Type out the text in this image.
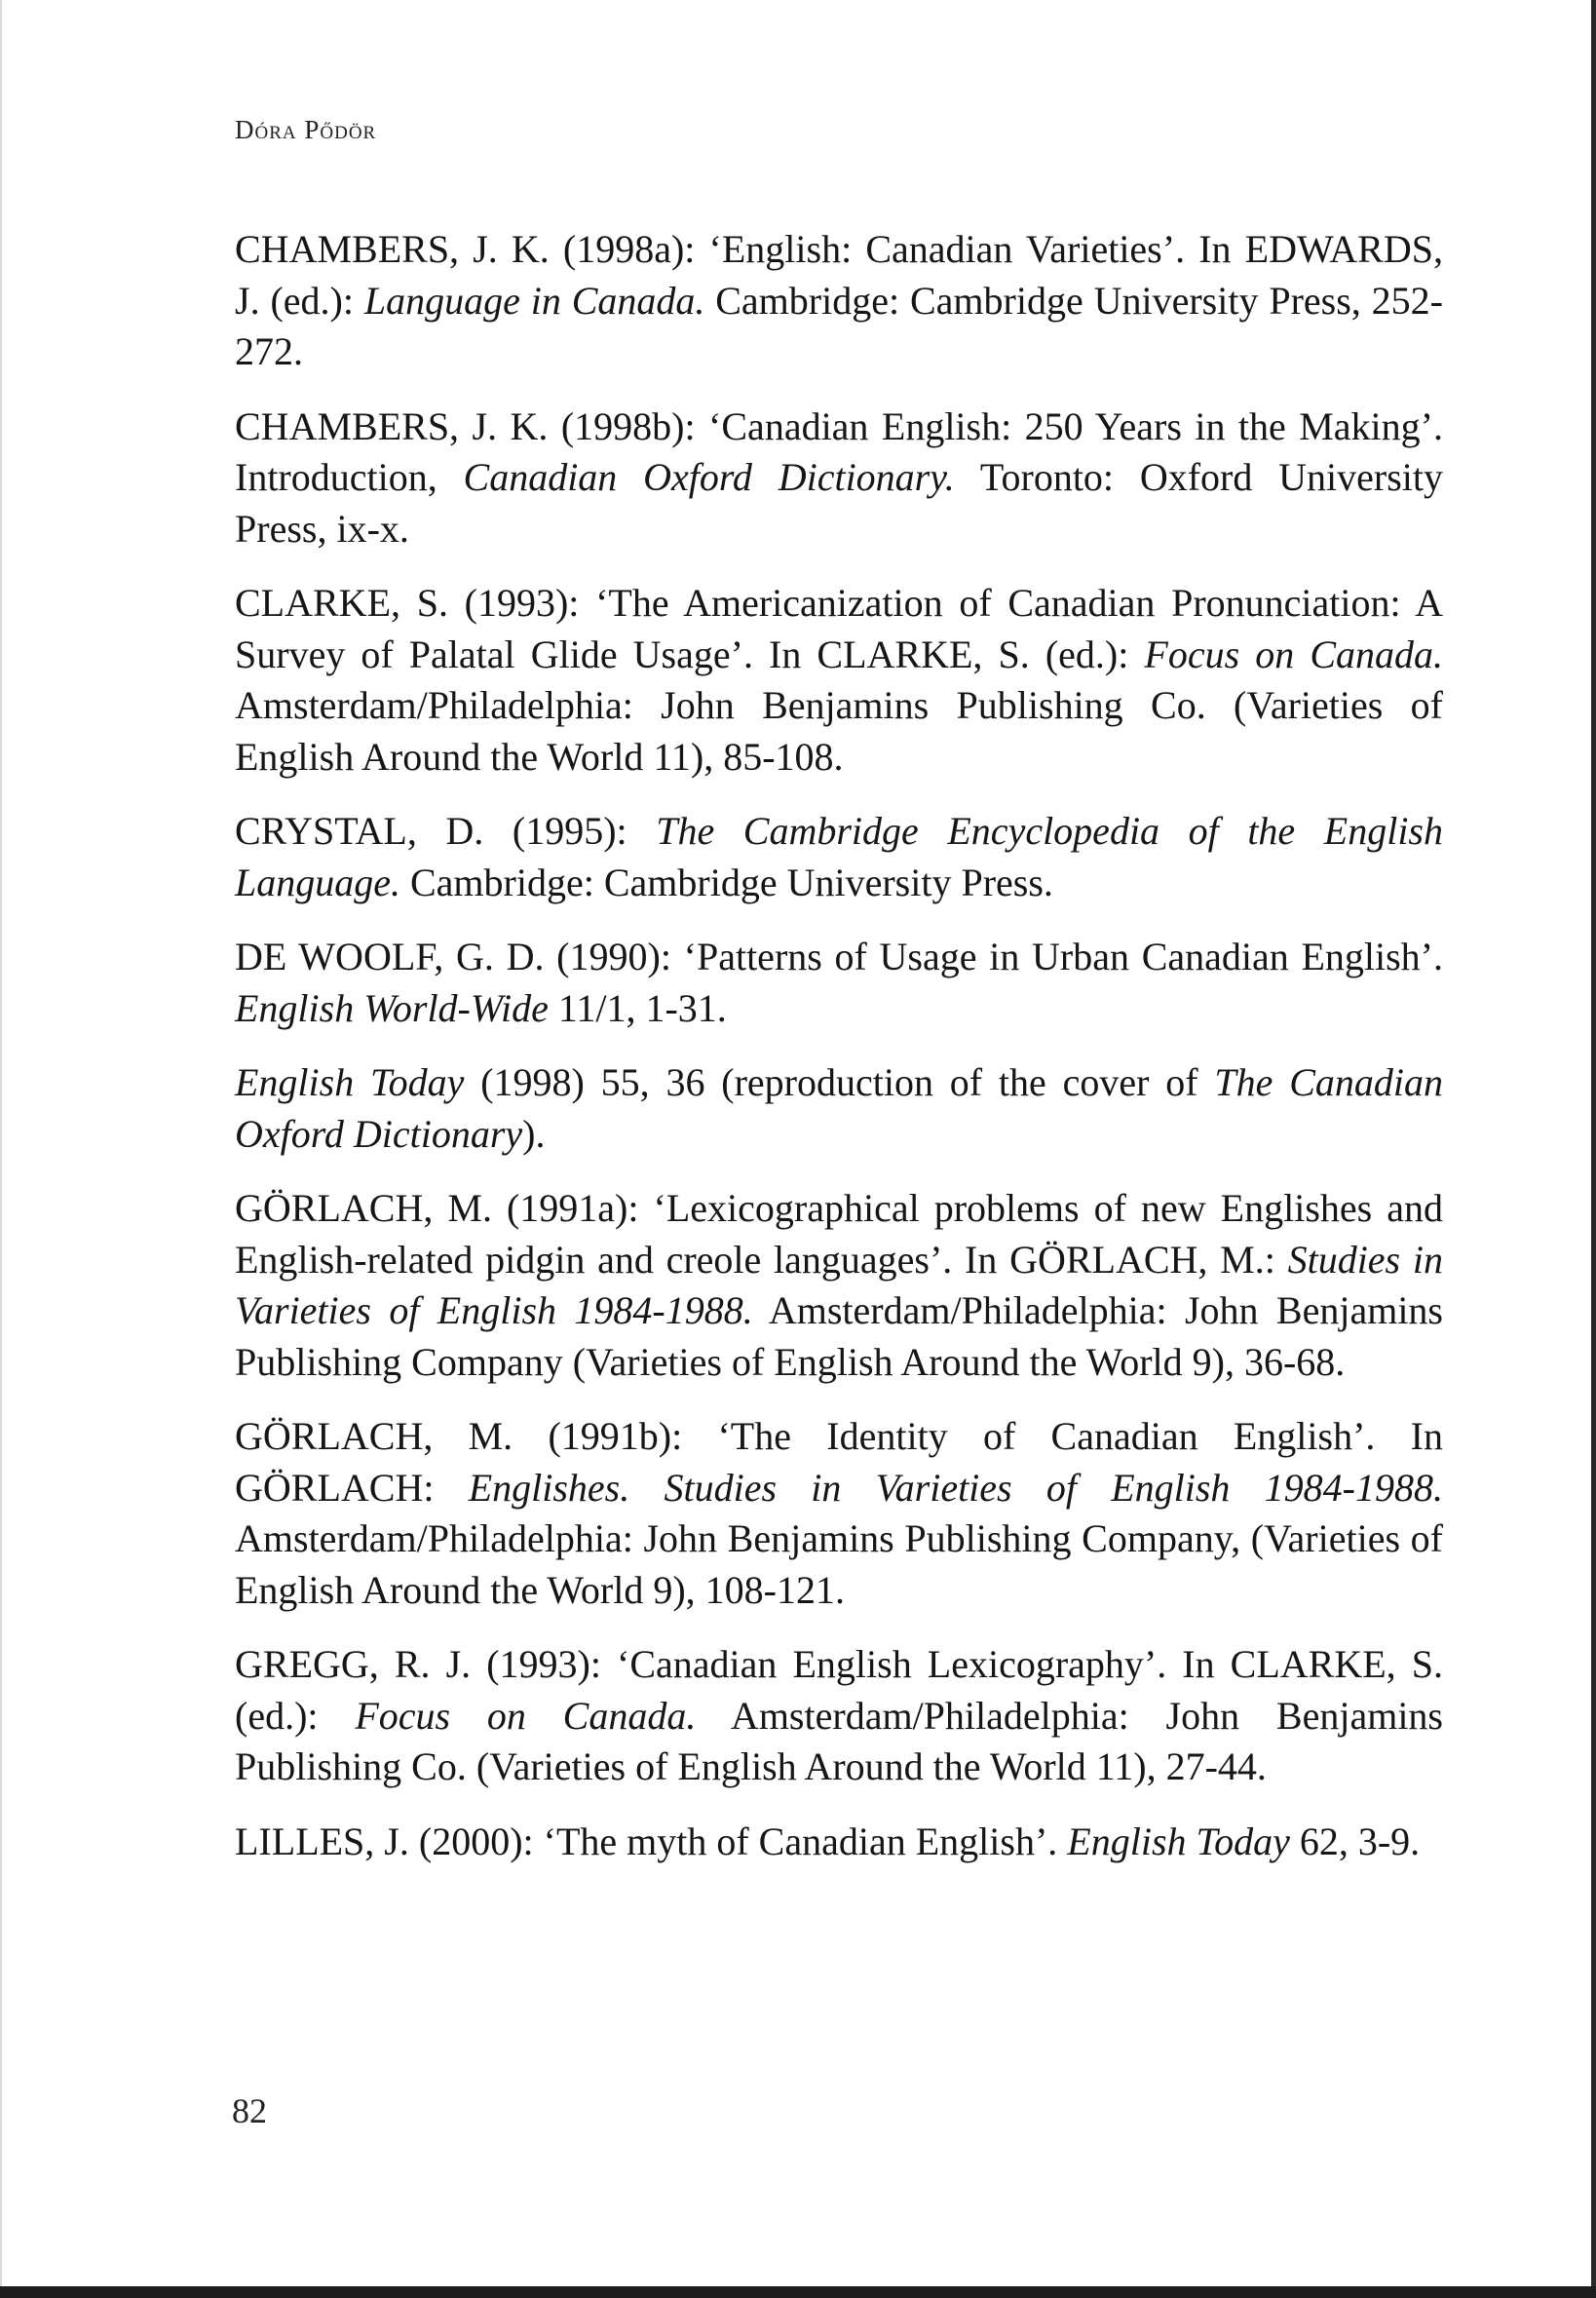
Dóra Pődör
CHAMBERS, J. K. (1998a): ‘English: Canadian Varieties’. In EDWARDS, J. (ed.): Language in Canada. Cambridge: Cambridge University Press, 252-272.
CHAMBERS, J. K. (1998b): ‘Canadian English: 250 Years in the Making’. Introduction, Canadian Oxford Dictionary. Toronto: Oxford University Press, ix-x.
CLARKE, S. (1993): ‘The Americanization of Canadian Pronunciation: A Survey of Palatal Glide Usage’. In CLARKE, S. (ed.): Focus on Canada. Amsterdam/Philadelphia: John Benjamins Publishing Co. (Varieties of English Around the World 11), 85-108.
CRYSTAL, D. (1995): The Cambridge Encyclopedia of the English Language. Cambridge: Cambridge University Press.
DE WOOLF, G. D. (1990): ‘Patterns of Usage in Urban Canadian English’. English World-Wide 11/1, 1-31.
English Today (1998) 55, 36 (reproduction of the cover of The Canadian Oxford Dictionary).
GÖRLACH, M. (1991a): ‘Lexicographical problems of new Englishes and English-related pidgin and creole languages’. In GÖRLACH, M.: Studies in Varieties of English 1984-1988. Amsterdam/Philadelphia: John Benjamins Publishing Company (Varieties of English Around the World 9), 36-68.
GÖRLACH, M. (1991b): ‘The Identity of Canadian English’. In GÖRLACH: Englishes. Studies in Varieties of English 1984-1988. Amsterdam/Philadelphia: John Benjamins Publishing Company, (Varieties of English Around the World 9), 108-121.
GREGG, R. J. (1993): ‘Canadian English Lexicography’. In CLARKE, S. (ed.): Focus on Canada. Amsterdam/Philadelphia: John Benjamins Publishing Co. (Varieties of English Around the World 11), 27-44.
LILLES, J. (2000): ‘The myth of Canadian English’. English Today 62, 3-9.
82
